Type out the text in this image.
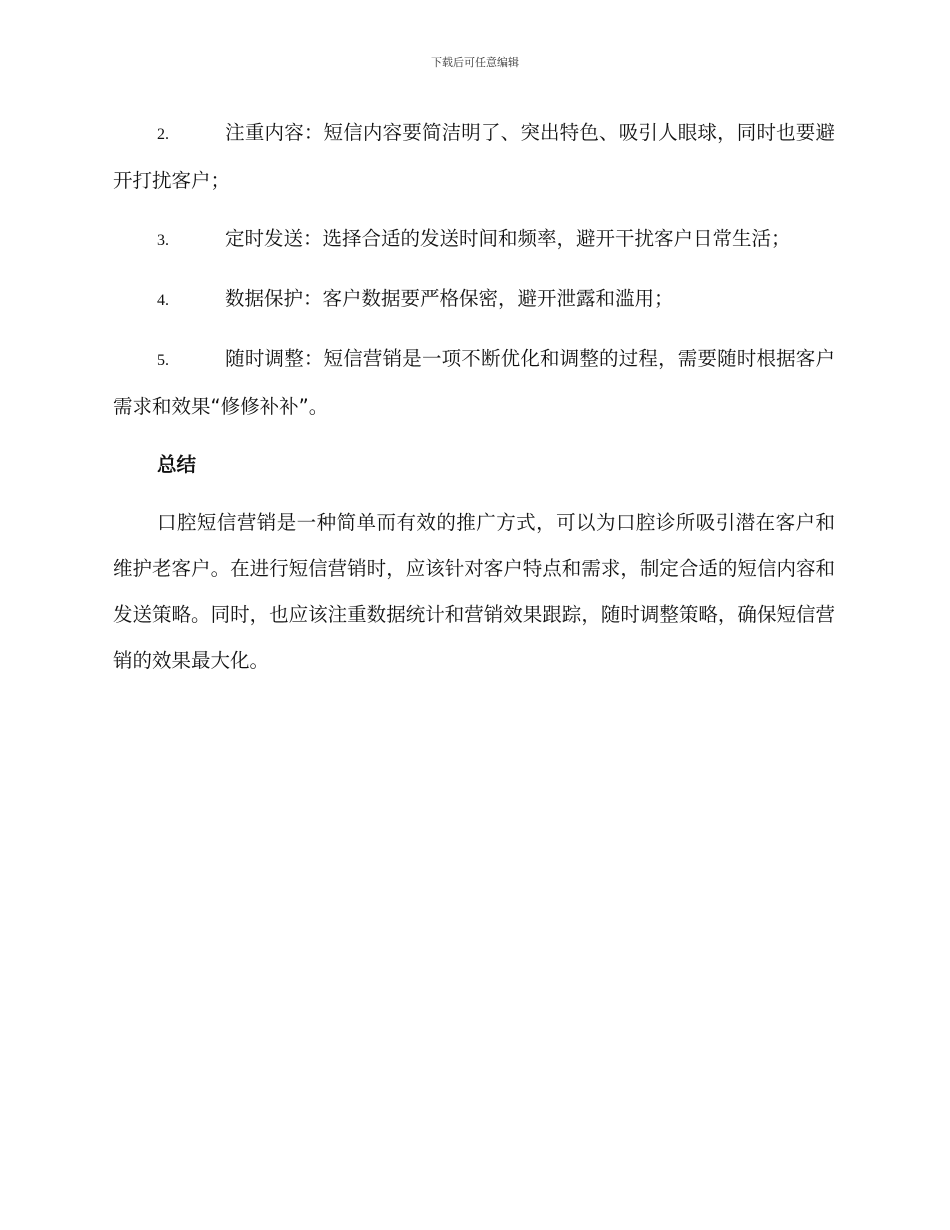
下载后可任意编辑
2.	注重内容：短信内容要简洁明了、突出特色、吸引人眼球，同时也要避开打扰客户；
3.	定时发送：选择合适的发送时间和频率，避开干扰客户日常生活；
4.	数据保护：客户数据要严格保密，避开泄露和滥用；
5.	随时调整：短信营销是一项不断优化和调整的过程，需要随时根据客户需求和效果“修修补补”。
总结

口腔短信营销是一种简单而有效的推广方式，可以为口腔诊所吸引潜在客户和维护老客户。在进行短信营销时，应该针对客户特点和需求，制定合适的短信内容和发送策略。同时，也应该注重数据统计和营销效果跟踪，随时调整策略，确保短信营销的效果最大化。
